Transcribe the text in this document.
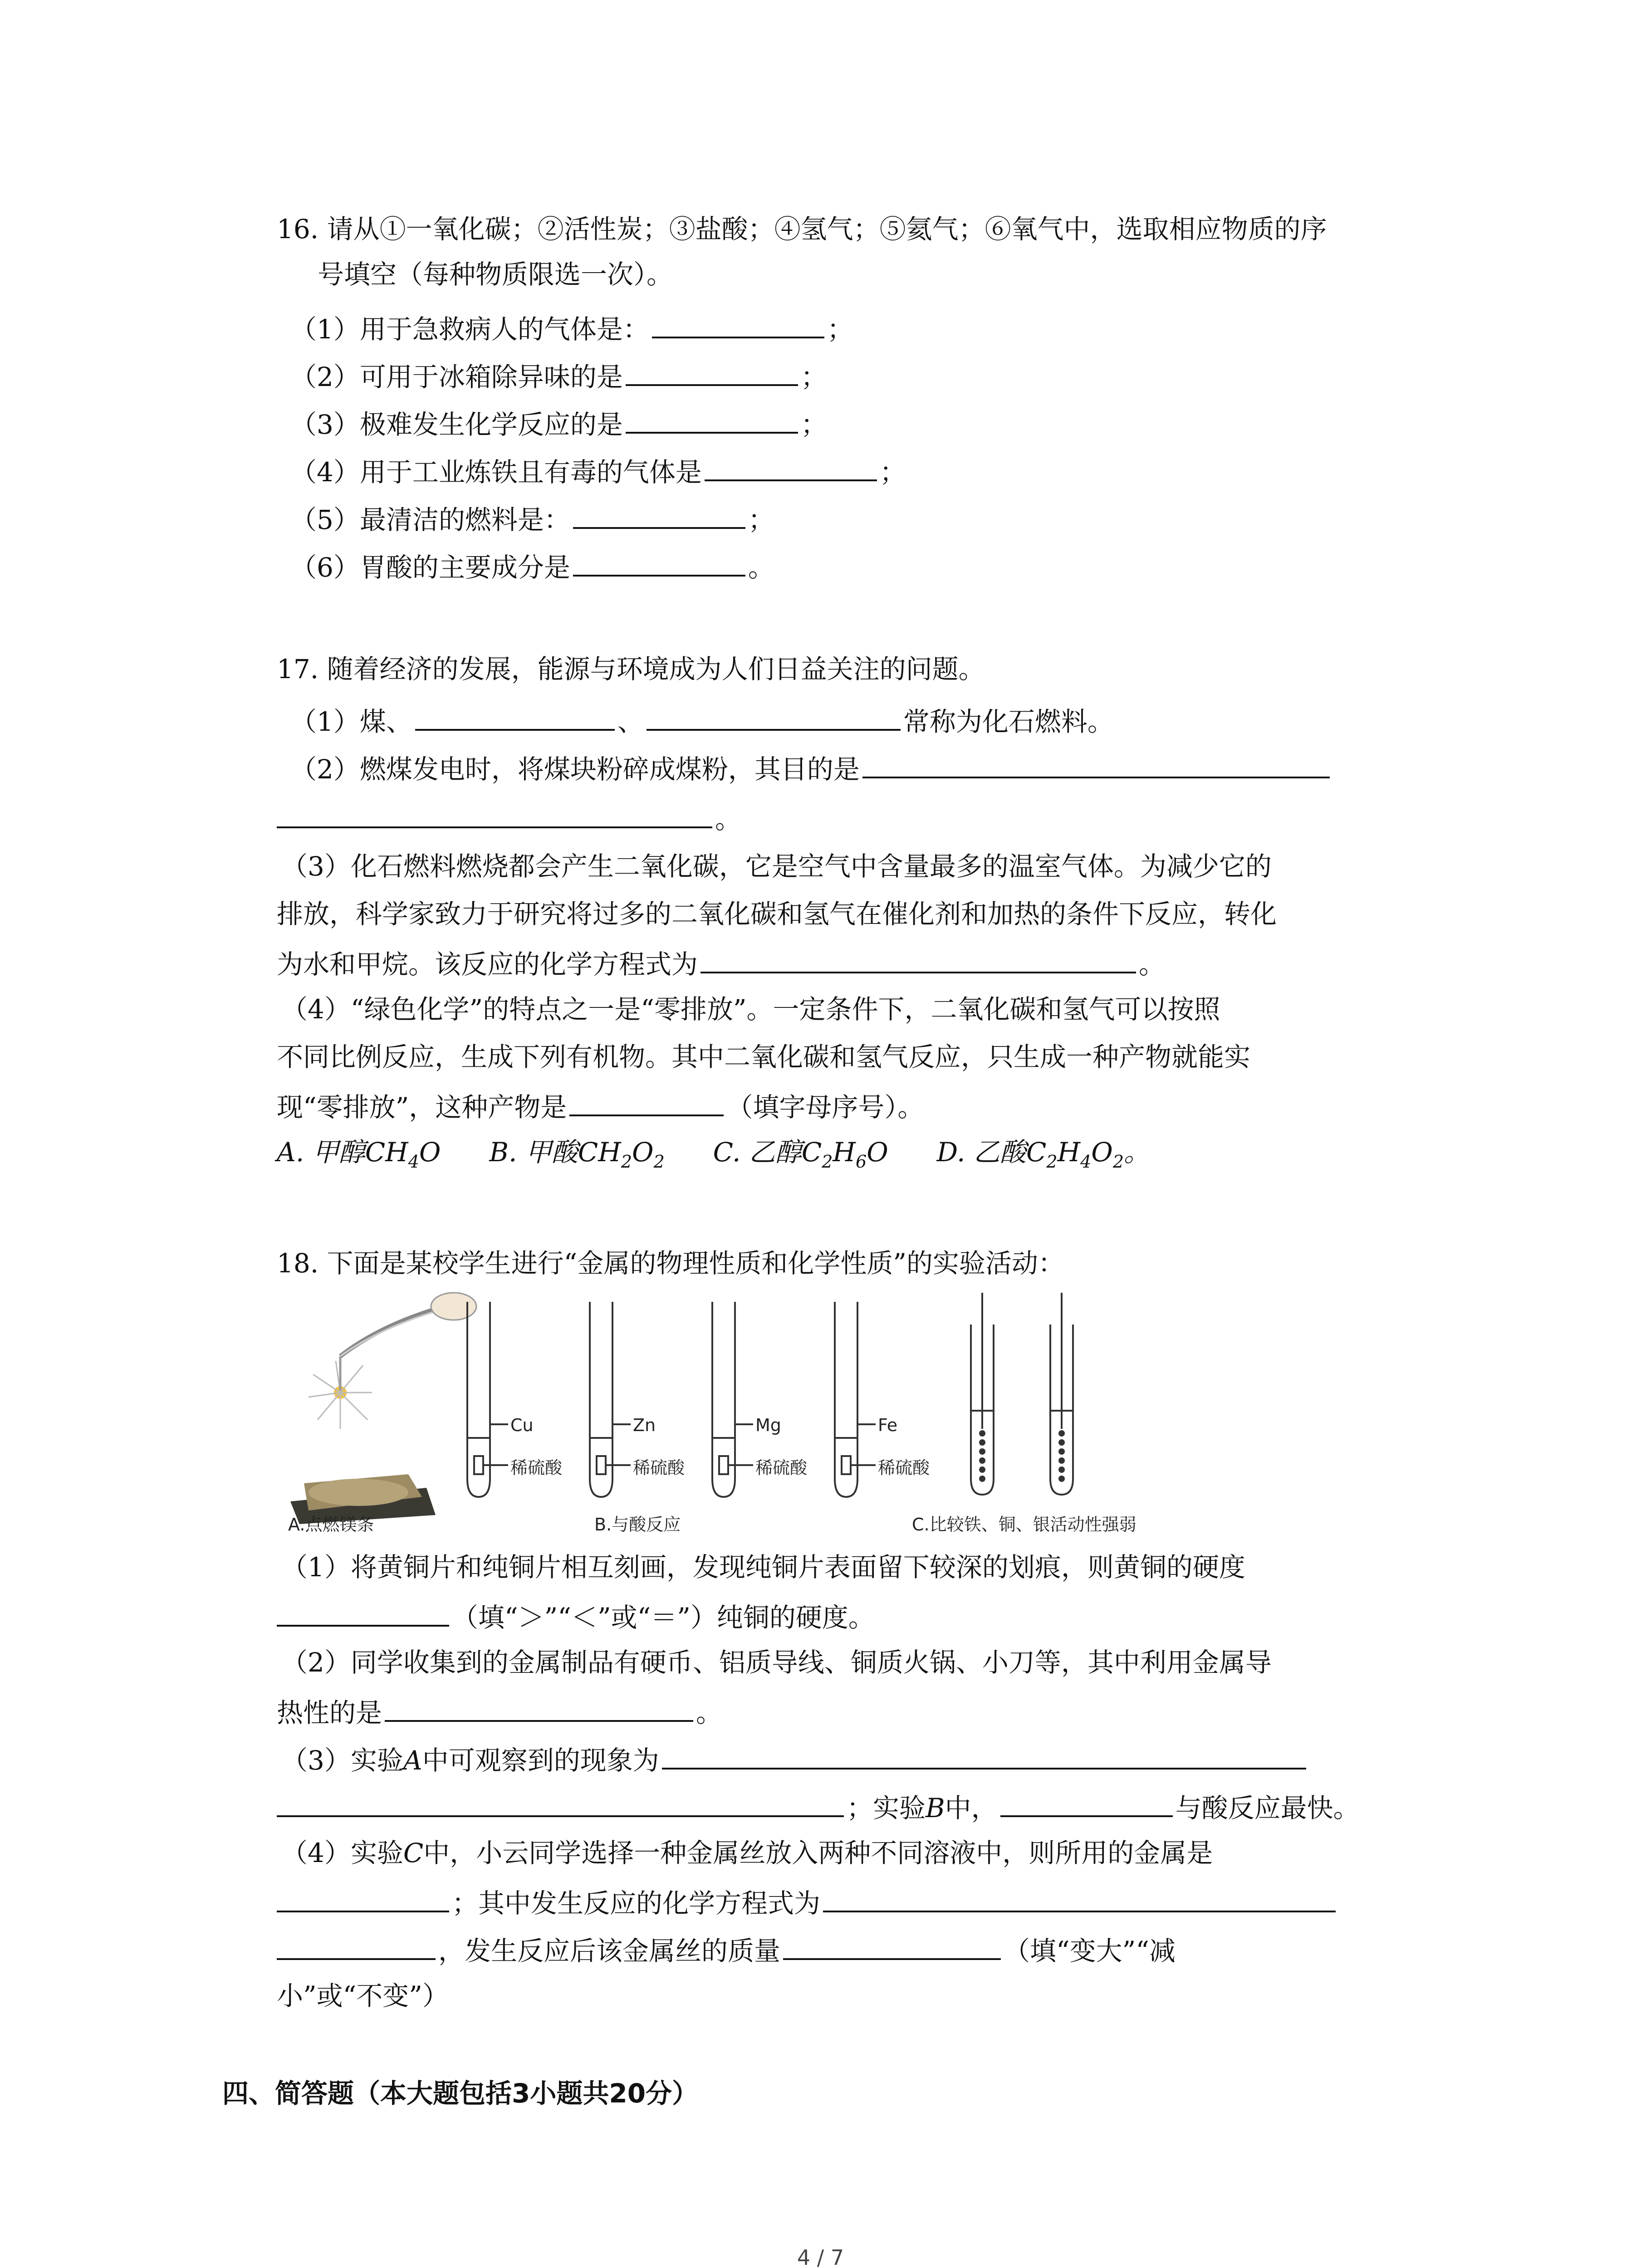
16. 请从①一氧化碳；②活性炭；③盐酸；④氢气；⑤氦气；⑥氧气中，选取相应物质的序
号填空（每种物质限选一次）。
（1）用于急救病人的气体是：	；
（2）可用于冰箱除异味的是	；
（3）极难发生化学反应的是	；
（4）用于工业炼铁且有毒的气体是	；
（5）最清洁的燃料是：	；
（6）胃酸的主要成分是	。
17. 随着经济的发展，能源与环境成为人们日益关注的问题。
（1）煤、	、	常称为化石燃料。
（2）燃煤发电时，将煤块粉碎成煤粉，其目的是
。
（3）化石燃料燃烧都会产生二氧化碳，它是空气中含量最多的温室气体。为减少它的
排放，科学家致力于研究将过多的二氧化碳和氢气在催化剂和加热的条件下反应，转化
为水和甲烷。该反应的化学方程式为	。
（4）“绿色化学”的特点之一是“零排放”。一定条件下，二氧化碳和氢气可以按照
不同比例反应，生成下列有机物。其中二氧化碳和氢气反应，只生成一种产物就能实
现“零排放”，这种产物是	（填字母序号）。
A. 甲醇$CH_4O$ B. 甲酸$CH_2O_2$ C. 乙醇$C_2H_6O$ D. 乙酸$C_2H_4O_2$。
18. 下面是某校学生进行“金属的物理性质和化学性质”的实验活动：
Cu	Zn	Mg	Fe
稀硫酸	稀硫酸	稀硫酸	稀硫酸
A.点燃镁条	B.与酸反应	C.比较铁、铜、银活动性强弱
（1）将黄铜片和纯铜片相互刻画，发现纯铜片表面留下较深的划痕，则黄铜的硬度
（填“＞”“＜”或“＝”）纯铜的硬度。
（2）同学收集到的金属制品有硬币、铝质导线、铜质火锅、小刀等，其中利用金属导
热性的是	。
（3）实验A中可观察到的现象为
；实验B中，	与酸反应最快。
（4）实验C中，小云同学选择一种金属丝放入两种不同溶液中，则所用的金属是
；其中发生反应的化学方程式为
，发生反应后该金属丝的质量	（填“变大”“减
小”或“不变”）
四、简答题（本大题包括3小题共20分）
4 / 7
